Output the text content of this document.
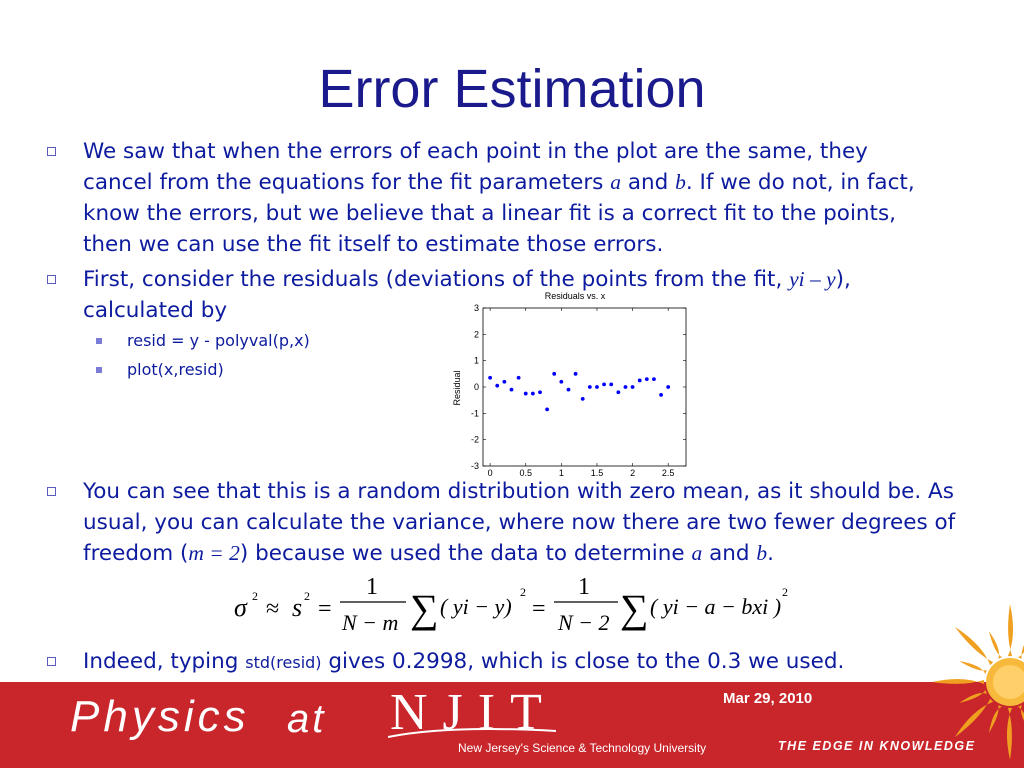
Error Estimation
We saw that when the errors of each point in the plot are the same, they cancel from the equations for the fit parameters a and b. If we do not, in fact, know the errors, but we believe that a linear fit is a correct fit to the points, then we can use the fit itself to estimate those errors.
First, consider the residuals (deviations of the points from the fit, yi – y), calculated by
resid = y - polyval(p,x)
plot(x,resid)
You can see that this is a random distribution with zero mean, as it should be. As usual, you can calculate the variance, where now there are two fewer degrees of freedom (m = 2) because we used the data to determine a and b.
Indeed, typing std(resid) gives 0.2998, which is close to the 0.3 we used.
Residuals vs. x
Residual
-3
-2
-1
0
1
2
3
0	0.5	1	1.5	2	2.5
σ 2 ≈ s 2 =
1
N − m ∑ ( yi − y)
2
=
1
N − 2 ∑ ( yi − a − bxi )
2
Mar 29, 2010
Physics at NJIT
New Jersey's Science & Technology University	THE EDGE IN KNOWLEDGE
